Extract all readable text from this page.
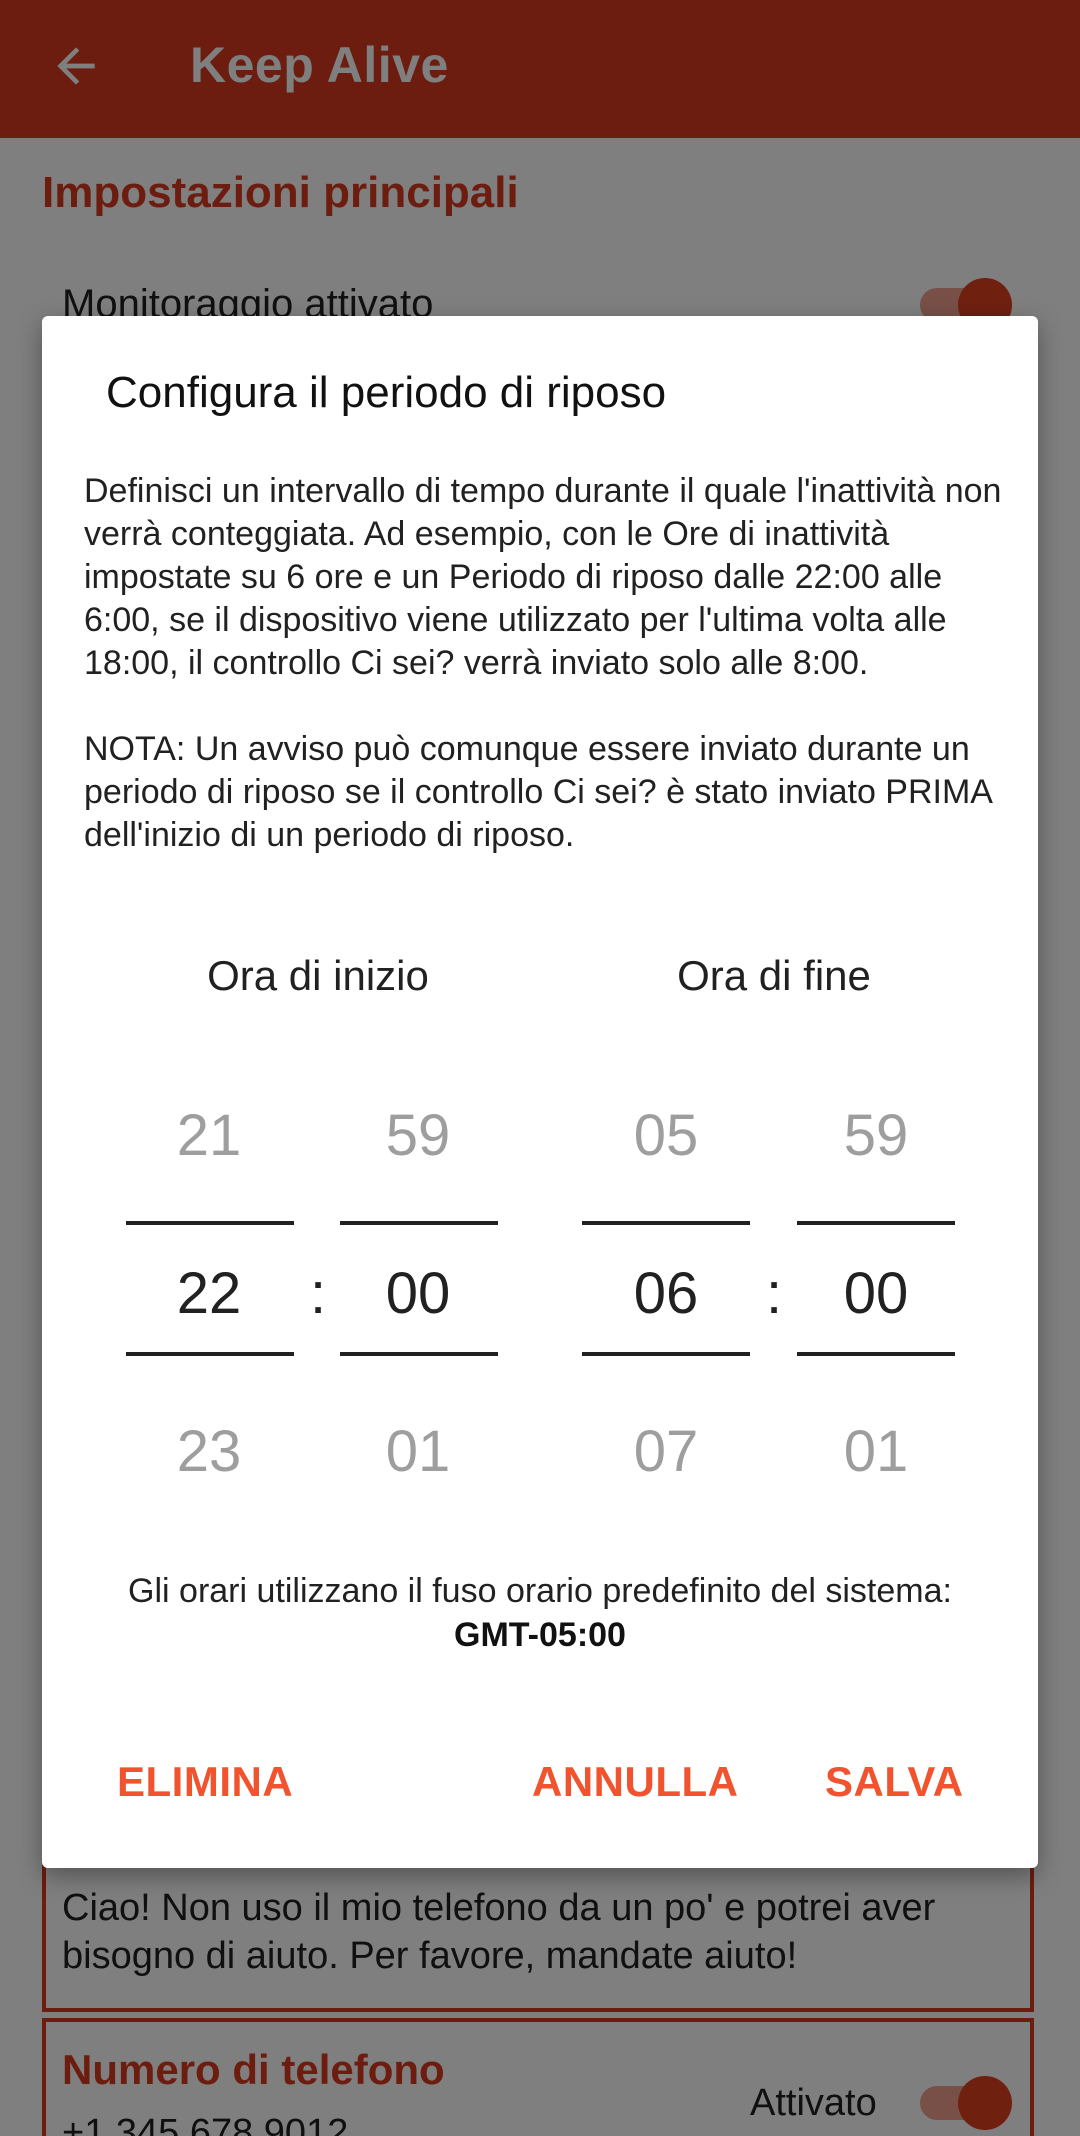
Configura il periodo di riposo

Definisci un intervallo di tempo durante il quale l'inattività non verrà conteggiata. Ad esempio, con le Ore di inattività impostate su 6 ore e un Periodo di riposo dalle 22:00 alle 6:00, se il dispositivo viene utilizzato per l'ultima volta alle 18:00, il controllo Ci sei? verrà inviato solo alle 8:00.

NOTA: Un avviso può comunque essere inviato durante un periodo di riposo se il controllo Ci sei? è stato inviato PRIMA dell'inizio di un periodo di riposo.

Ora di inizio	Ora di fine
21
22
23
:
59
00
01
05
06
07
:
59
00
01
Gli orari utilizzano il fuso orario predefinito del sistema:
GMT-05:00
ELIMINA	ANNULLA SALVA
